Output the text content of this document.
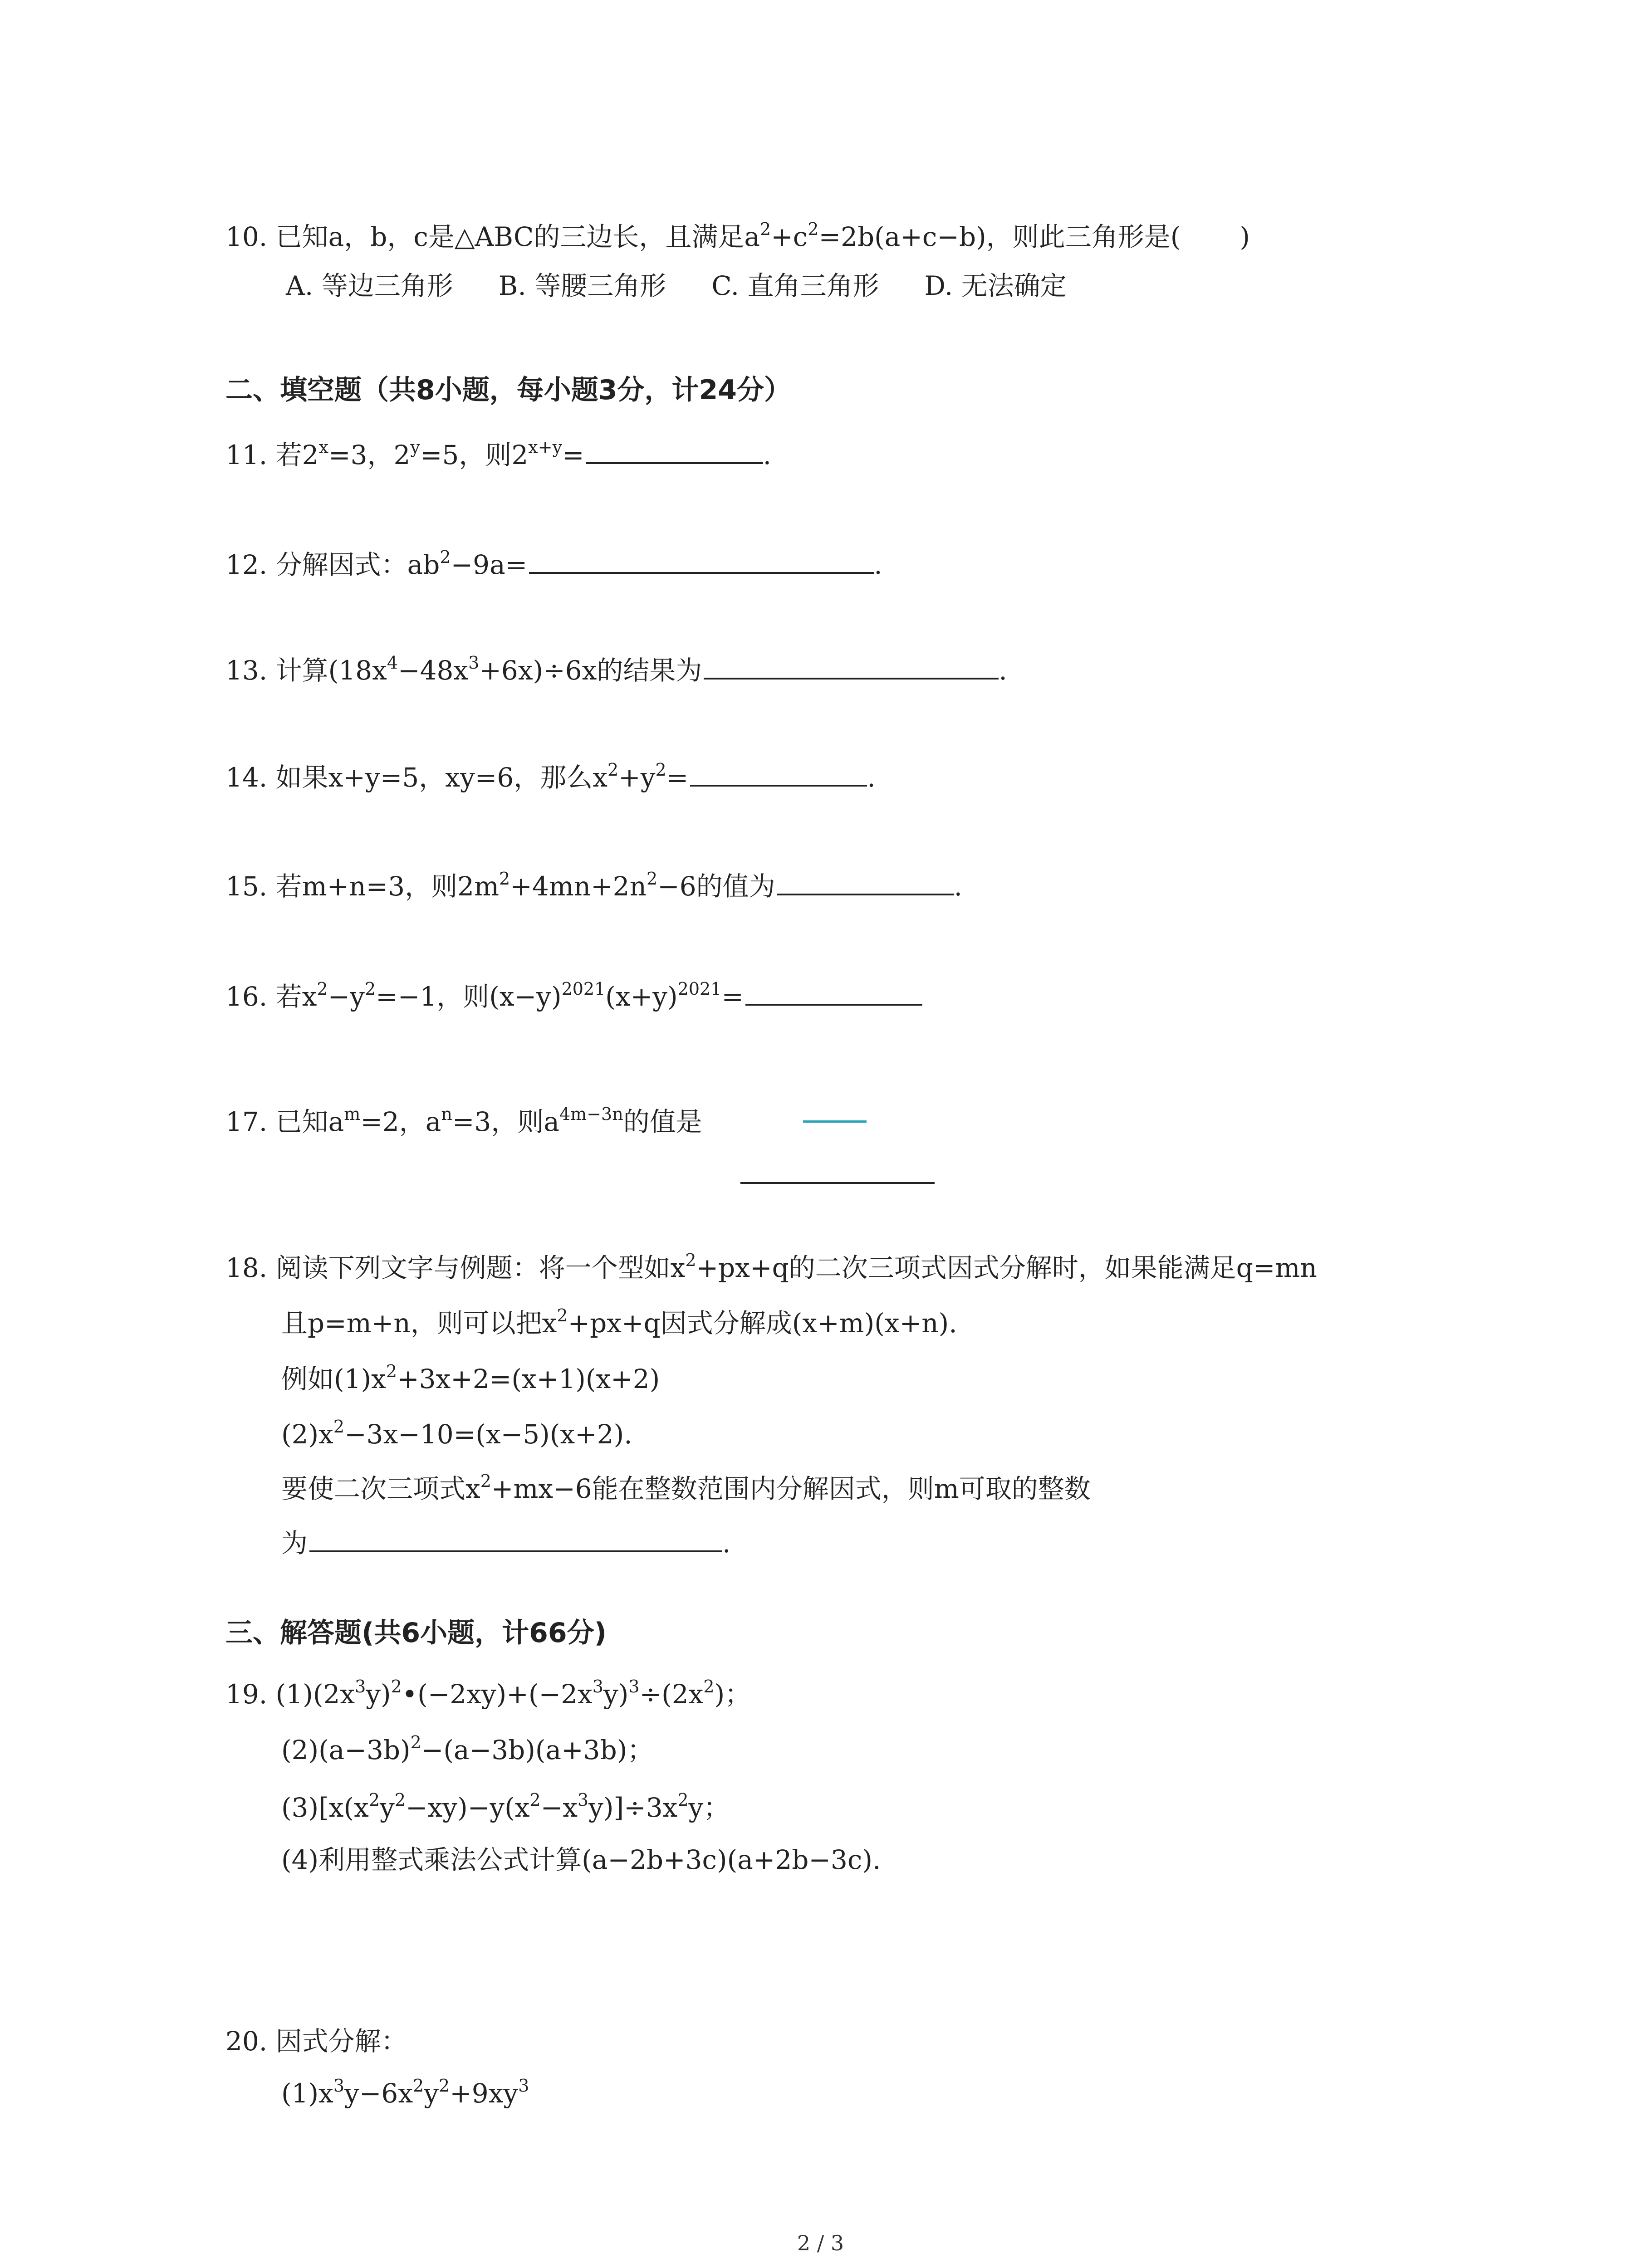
10. 已知a，b，c是△ABC的三边长，且满足$a^2+c^2=2b(a+c-b)$，则此三角形是( )
A. 等边三角形 B. 等腰三角形 C. 直角三角形 D. 无法确定
二、填空题（共8小题，每小题3分，计24分）
11. 若$2^x=3$，$2^y=5$，则$2^{x+y}=$	.
12. 分解因式：$ab^2-9a=$	.
13. 计算$(18x^4-48x^3+6x)\div 6x$的结果为	.
14. 如果x+y=5，xy=6，那么$x^2+y^2=$	.
15. 若m+n=3，则$2m^2+4mn+2n^2-6$的值为	.
16. 若$x^2-y^2=-1$，则$(x-y)^{2021}(x+y)^{2021}=$
17. 已知$a^m=2$，$a^n=3$，则$a^{4m-3n}$的值是
18. 阅读下列文字与例题：将一个型如$x^2+px+q$的二次三项式因式分解时，如果能满足q=mn
且p=m+n，则可以把$x^2+px+q$因式分解成(x+m)(x+n).
例如$(1)x^2+3x+2=(x+1)(x+2)$
$(2)x^2-3x-10=(x-5)(x+2)$.
要使二次三项式$x^2+mx-6$能在整数范围内分解因式，则m可取的整数
为	.
三、解答题(共6小题，计66分)
19. $(1)(2x^3y)^2•(-2xy)+(-2x^3y)^3\div(2x^2)$；
$(2)(a-3b)^2-(a-3b)(a+3b)$；
$(3)[x(x^2y^2-xy)-y(x^2-x^3y)]\div 3x^2y$；
(4)利用整式乘法公式计算(a−2b+3c)(a+2b−3c).
20. 因式分解：
$(1)x^3y-6x^2y^2+9xy^3$
2 / 3
